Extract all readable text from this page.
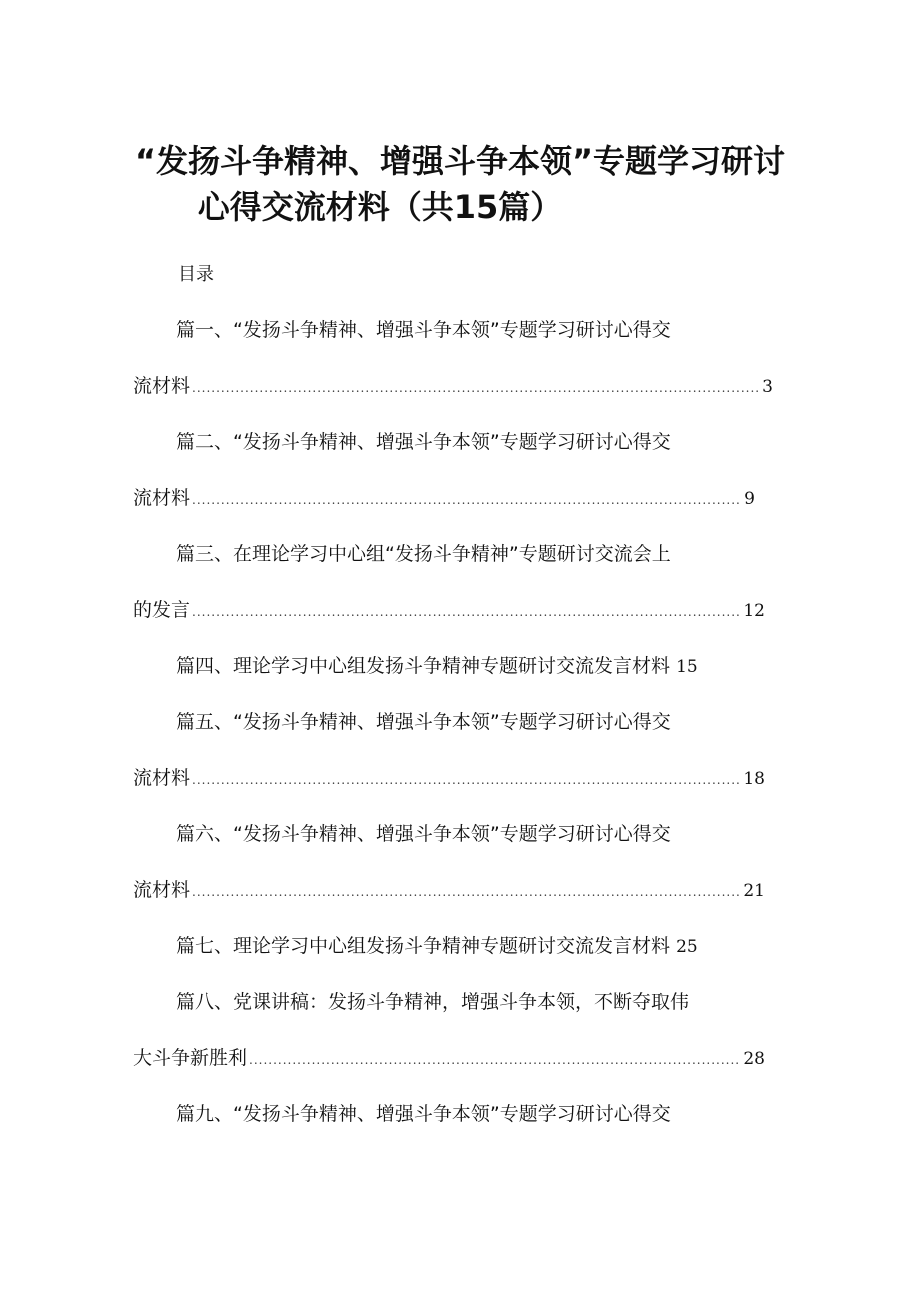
“发扬斗争精神、增强斗争本领”专题学习研讨

心得交流材料（共15篇）
目录
篇一、“发扬斗争精神、增强斗争本领”专题学习研讨心得交
流材料 .....	3
篇二、“发扬斗争精神、增强斗争本领”专题学习研讨心得交
流材料 .....	9
篇三、在理论学习中心组“发扬斗争精神”专题研讨交流会上
的发言 .....	12
篇四、理论学习中心组发扬斗争精神专题研讨交流发言材料 15
篇五、“发扬斗争精神、增强斗争本领”专题学习研讨心得交
流材料 .....	18
篇六、“发扬斗争精神、增强斗争本领”专题学习研讨心得交
流材料 .....	21
篇七、理论学习中心组发扬斗争精神专题研讨交流发言材料 25
篇八、党课讲稿：发扬斗争精神，增强斗争本领，不断夺取伟
大斗争新胜利 .....	28
篇九、“发扬斗争精神、增强斗争本领”专题学习研讨心得交
